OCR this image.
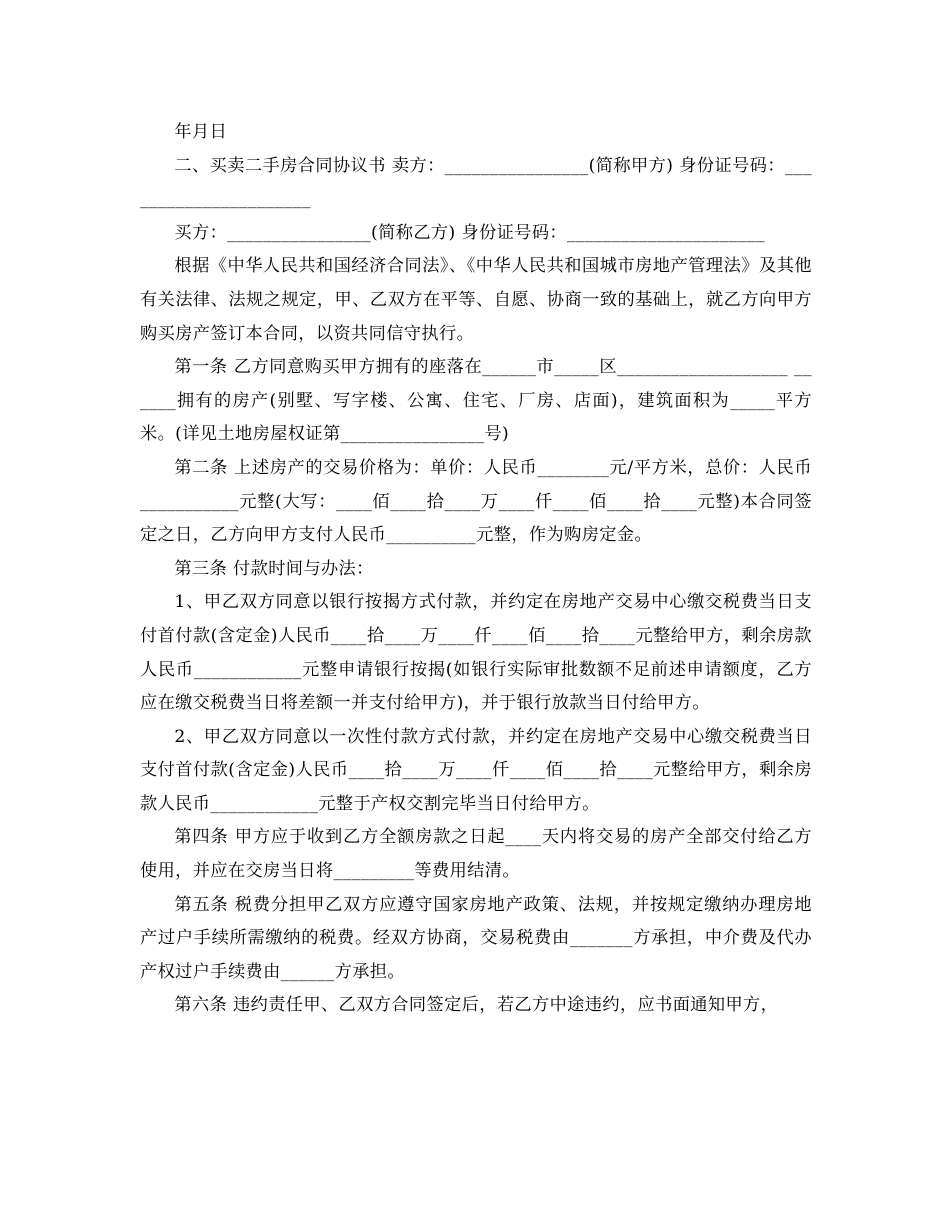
年月日

二、买卖二手房合同协议书 卖方：________________(简称甲方) 身份证号码：______________________

买方：________________(简称乙方) 身份证号码：______________________

根据《中华人民共和国经济合同法》、《中华人民共和国城市房地产管理法》及其他有关法律、法规之规定，甲、乙双方在平等、自愿、协商一致的基础上，就乙方向甲方购买房产签订本合同，以资共同信守执行。

第一条 乙方同意购买甲方拥有的座落在______市_____区___________________ ______拥有的房产(别墅、写字楼、公寓、住宅、厂房、店面)，建筑面积为_____平方米。(详见土地房屋权证第________________号)

第二条 上述房产的交易价格为：单价：人民币________元/平方米，总价：人民币___________元整(大写：____佰____拾____万____仟____佰____拾____元整)本合同签定之日，乙方向甲方支付人民币__________元整，作为购房定金。

第三条 付款时间与办法：

1、甲乙双方同意以银行按揭方式付款，并约定在房地产交易中心缴交税费当日支付首付款(含定金)人民币____拾____万____仟____佰____拾____元整给甲方，剩余房款人民币____________元整申请银行按揭(如银行实际审批数额不足前述申请额度，乙方应在缴交税费当日将差额一并支付给甲方)，并于银行放款当日付给甲方。

2、甲乙双方同意以一次性付款方式付款，并约定在房地产交易中心缴交税费当日支付首付款(含定金)人民币____拾____万____仟____佰____拾____元整给甲方，剩余房款人民币____________元整于产权交割完毕当日付给甲方。

第四条 甲方应于收到乙方全额房款之日起____天内将交易的房产全部交付给乙方使用，并应在交房当日将_________等费用结清。

第五条 税费分担甲乙双方应遵守国家房地产政策、法规，并按规定缴纳办理房地产过户手续所需缴纳的税费。经双方协商，交易税费由_______方承担，中介费及代办产权过户手续费由______方承担。

第六条 违约责任甲、乙双方合同签定后，若乙方中途违约，应书面通知甲方，
